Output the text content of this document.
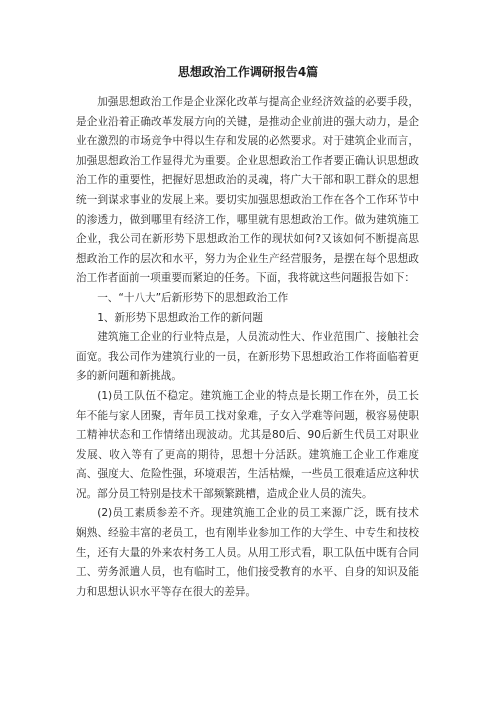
思想政治工作调研报告4篇

加强思想政治工作是企业深化改革与提高企业经济效益的必要手段，是企业沿着正确改革发展方向的关键，是推动企业前进的强大动力，是企业在激烈的市场竞争中得以生存和发展的必然要求。对于建筑企业而言，加强思想政治工作显得尤为重要。企业思想政治工作者要正确认识思想政治工作的重要性，把握好思想政治的灵魂，将广大干部和职工群众的思想统一到谋求事业的发展上来。要切实加强思想政治工作在各个工作环节中的渗透力，做到哪里有经济工作，哪里就有思想政治工作。做为建筑施工企业，我公司在新形势下思想政治工作的现状如何?又该如何不断提高思想政治工作的层次和水平，努力为企业生产经营服务，是摆在每个思想政治工作者面前一项重要而紧迫的任务。下面，我将就这些问题报告如下：

一、“十八大”后新形势下的思想政治工作

1、新形势下思想政治工作的新问题

建筑施工企业的行业特点是，人员流动性大、作业范围广、接触社会面宽。我公司作为建筑行业的一员，在新形势下思想政治工作将面临着更多的新问题和新挑战。

(1)员工队伍不稳定。建筑施工企业的特点是长期工作在外，员工长年不能与家人团聚，青年员工找对象难，子女入学难等问题，极容易使职工精神状态和工作情绪出现波动。尤其是80后、90后新生代员工对职业发展、收入等有了更高的期待，思想十分活跃。建筑施工企业工作难度高、强度大、危险性强，环境艰苦，生活枯燥，一些员工很难适应这种状况。部分员工特别是技术干部频繁跳槽，造成企业人员的流失。

(2)员工素质参差不齐。现建筑施工企业的员工来源广泛，既有技术娴熟、经验丰富的老员工，也有刚毕业参加工作的大学生、中专生和技校生，还有大量的外来农村务工人员。从用工形式看，职工队伍中既有合同工、劳务派遣人员，也有临时工，他们接受教育的水平、自身的知识及能力和思想认识水平等存在很大的差异。
